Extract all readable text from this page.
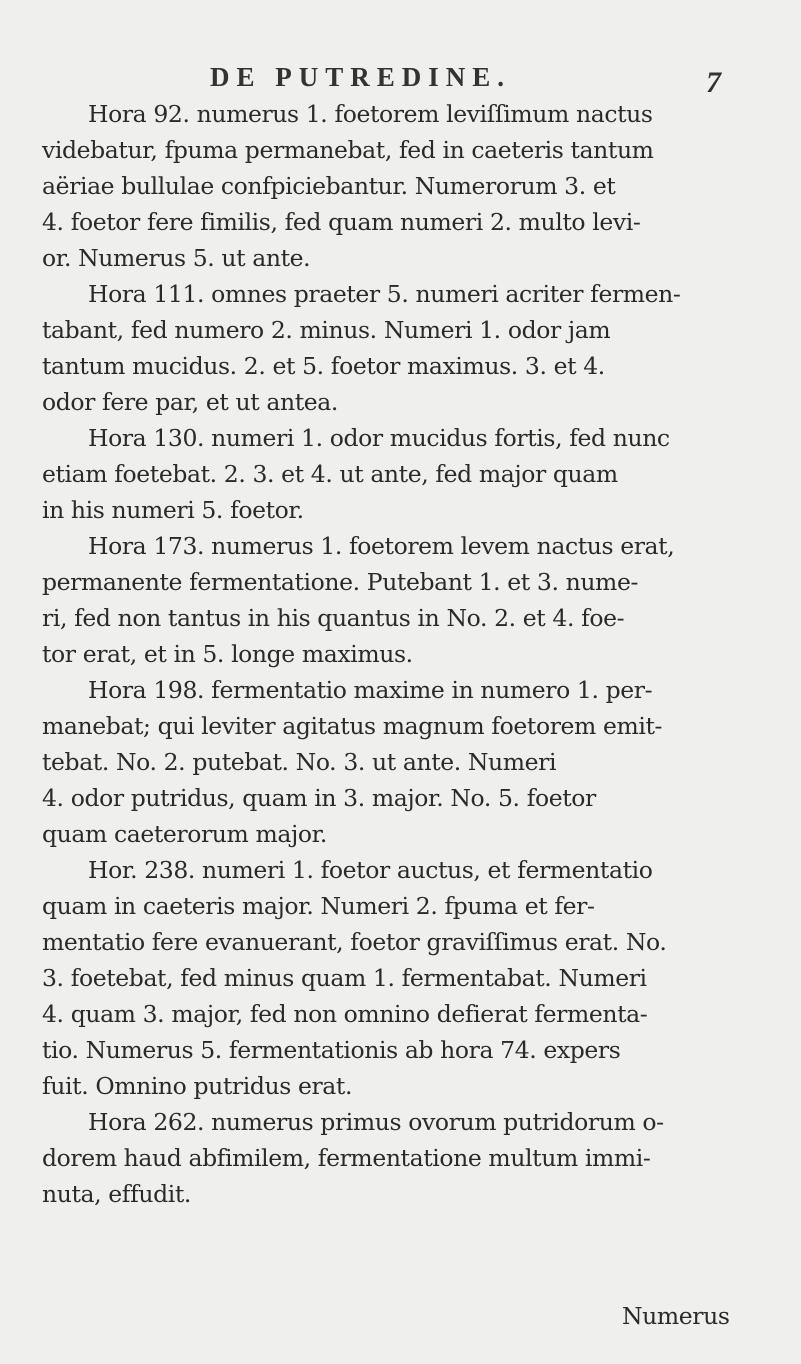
DE PUTREDINE.	7
Hora 92. numerus 1. foetorem leviſſimum nactus
videbatur, fpuma permanebat, fed in caeteris tantum
aëriae bullulae confpiciebantur. Numerorum 3. et
4. foetor fere fimilis, fed quam numeri 2. multo levi-
or. Numerus 5. ut ante.
Hora 111. omnes praeter 5. numeri acriter fermen-
tabant, fed numero 2. minus. Numeri 1. odor jam
tantum mucidus. 2. et 5. foetor maximus. 3. et 4.
odor fere par, et ut antea.
Hora 130. numeri 1. odor mucidus fortis, fed nunc
etiam foetebat. 2. 3. et 4. ut ante, fed major quam
in his numeri 5. foetor.
Hora 173. numerus 1. foetorem levem nactus erat,
permanente fermentatione. Putebant 1. et 3. nume-
ri, fed non tantus in his quantus in No. 2. et 4. foe-
tor erat, et in 5. longe maximus.
Hora 198. fermentatio maxime in numero 1. per-
manebat; qui leviter agitatus magnum foetorem emit-
tebat. No. 2. putebat. No. 3. ut ante. Numeri
4. odor putridus, quam in 3. major. No. 5. foetor
quam caeterorum major.
Hor. 238. numeri 1. foetor auctus, et fermentatio
quam in caeteris major. Numeri 2. fpuma et fer-
mentatio fere evanuerant, foetor graviſſimus erat. No.
3. foetebat, fed minus quam 1. fermentabat. Numeri
4. quam 3. major, fed non omnino defierat fermenta-
tio. Numerus 5. fermentationis ab hora 74. expers
fuit. Omnino putridus erat.
Hora 262. numerus primus ovorum putridorum o-
dorem haud abfimilem, fermentatione multum immi-
nuta, effudit.
Numerus
